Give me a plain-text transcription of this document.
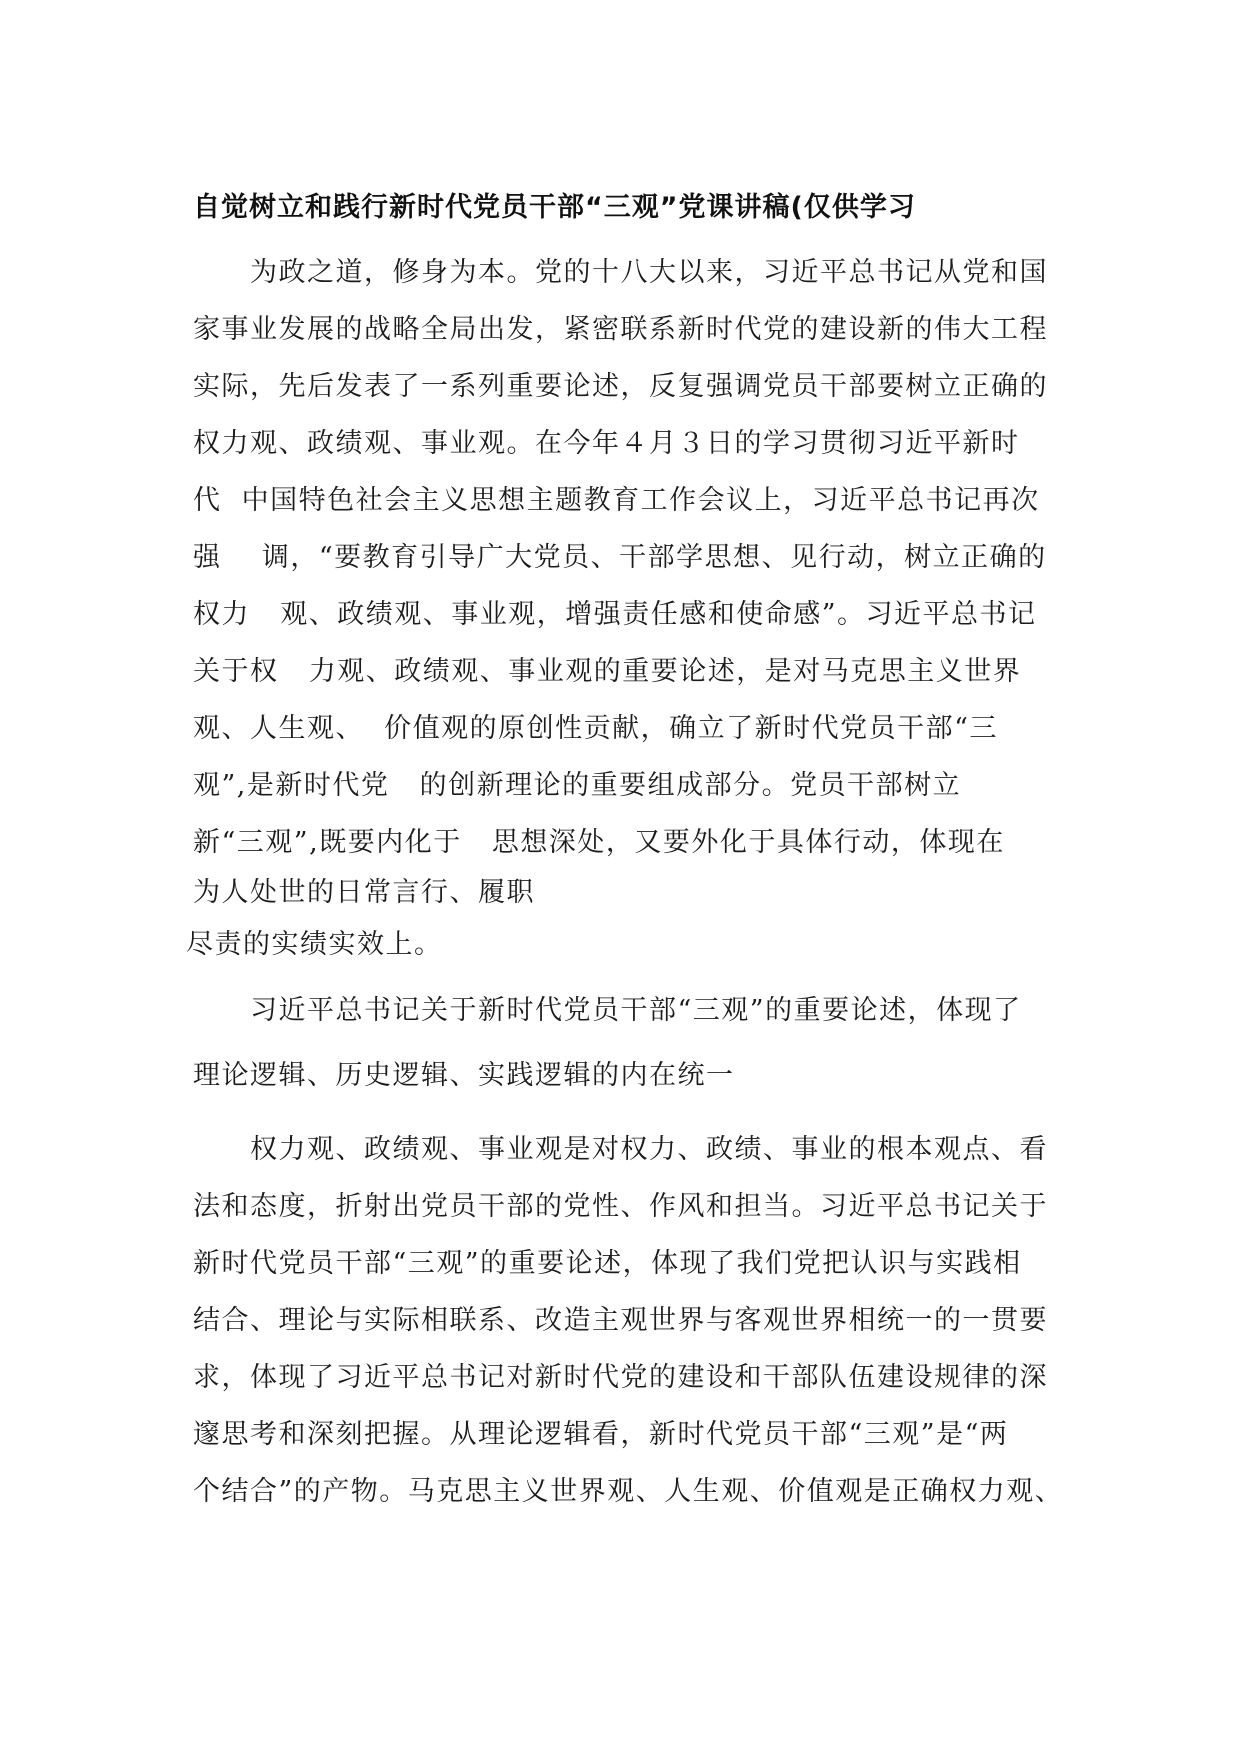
自觉树立和践行新时代党员干部“三观”党课讲稿(仅供学习
为政之道，修身为本。党的十八大以来，习近平总书记从党和国
家事业发展的战略全局出发，紧密联系新时代党的建设新的伟大工程
实际，先后发表了一系列重要论述，反复强调党员干部要树立正确的
权力观、政绩观、事业观。在今年４月３日的学习贯彻习近平新时
代  中国特色社会主义思想主题教育工作会议上，习近平总书记再次
强    调，“要教育引导广大党员、干部学思想、见行动，树立正确的
权力   观、政绩观、事业观，增强责任感和使命感”。习近平总书记
关于权   力观、政绩观、事业观的重要论述，是对马克思主义世界
观、人生观、  价值观的原创性贡献，确立了新时代党员干部“三
观”,是新时代党   的创新理论的重要组成部分。党员干部树立
新“三观”,既要内化于   思想深处，又要外化于具体行动，体现在
为人处世的日常言行、履职
尽责的实绩实效上。
习近平总书记关于新时代党员干部“三观”的重要论述，体现了
理论逻辑、历史逻辑、实践逻辑的内在统一
权力观、政绩观、事业观是对权力、政绩、事业的根本观点、看
法和态度，折射出党员干部的党性、作风和担当。习近平总书记关于
新时代党员干部“三观”的重要论述，体现了我们党把认识与实践相
结合、理论与实际相联系、改造主观世界与客观世界相统一的一贯要
求，体现了习近平总书记对新时代党的建设和干部队伍建设规律的深
邃思考和深刻把握。从理论逻辑看，新时代党员干部“三观”是“两
个结合”的产物。马克思主义世界观、人生观、价值观是正确权力观、
